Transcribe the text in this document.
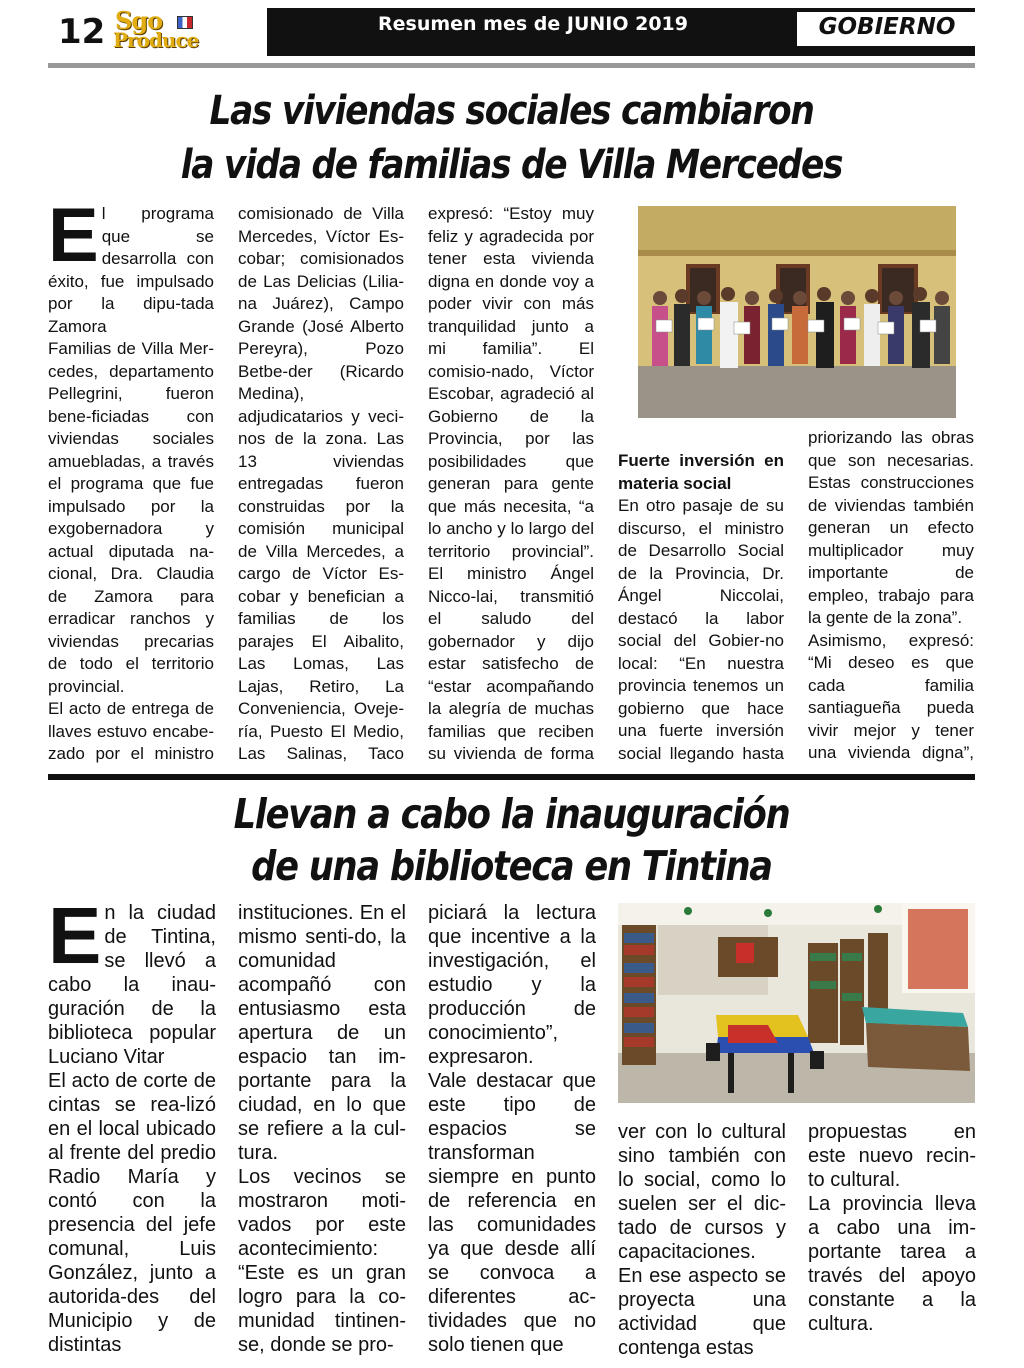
12 Sgo
Produce
Resumen mes de JUNIO 2019	GOBIERNO
Las viviendas sociales cambiaron
la vida de familias de Villa Mercedes
E l programa que se desarrolla con éxito, fue impulsado por la dipu-tada Zamora
Familias de Villa Mer-cedes, departamento Pellegrini, fueron bene-ficiadas con viviendas sociales amuebladas, a través el programa que fue impulsado por la exgobernadora y actual diputada na-cional, Dra. Claudia de Zamora para erradicar ranchos y viviendas precarias de todo el territorio provincial.
El acto de entrega de llaves estuvo encabe-zado por el ministro
comisionado de Villa Mercedes, Víctor Es-cobar; comisionados de Las Delicias (Lilia-na Juárez), Campo Grande (José Alberto Pereyra), Pozo Betbe-der (Ricardo Medina), adjudicatarios y veci-nos de la zona. Las 13 viviendas entregadas fueron construidas por la comisión municipal de Villa Mercedes, a cargo de Víctor Es-cobar y benefician a familias de los parajes El Aibalito, Las Lomas, Las Lajas, Retiro, La Conveniencia, Oveje-ría, Puesto El Medio, Las Salinas, Taco
expresó: “Estoy muy feliz y agradecida por tener esta vivienda digna en donde voy a poder vivir con más tranquilidad junto a mi familia”. El comisio-nado, Víctor Escobar, agradeció al Gobierno de la Provincia, por las posibilidades que generan para gente que más necesita, “a lo ancho y lo largo del territorio provincial”. El ministro Ángel Nicco-lai, transmitió el saludo del gobernador y dijo estar satisfecho de “estar acompañando la alegría de muchas familias que reciben su vivienda de forma
Fuerte inversión en materia social
En otro pasaje de su discurso, el ministro de Desarrollo Social de la Provincia, Dr. Ángel Niccolai, destacó la labor social del Gobier-no local: “En nuestra provincia tenemos un gobierno que hace una fuerte inversión social llegando hasta
priorizando las obras que son necesarias. Estas construcciones de viviendas también generan un efecto multiplicador muy importante de empleo, trabajo para la gente de la zona”.
Asimismo, expresó: “Mi deseo es que cada familia santiagueña pueda vivir mejor y tener una vivienda digna”,
Llevan a cabo la inauguración
de una biblioteca en Tintina
E n la ciudad de Tintina, se llevó a cabo la inau-guración de la biblioteca popular Luciano Vitar
El acto de corte de cintas se rea-lizó en el local ubicado al frente del predio Radio María y contó con la presencia del jefe comunal, Luis González, junto a autorida-des del Municipio y de distintas
instituciones. En el mismo senti-do, la comunidad acompañó con entusiasmo esta apertura de un espacio tan im-portante para la ciudad, en lo que se refiere a la cul-tura.
Los vecinos se mostraron moti-vados por este acontecimiento: “Este es un gran logro para la co-munidad tintinen-se, donde se pro-
piciará la lectura que incentive a la investigación, el estudio y la producción de conocimiento”, expresaron.
Vale destacar que este tipo de espacios se transforman siempre en punto de referencia en las comunidades ya que desde allí se convoca a diferentes ac-tividades que no solo tienen que
ver con lo cultural sino también con lo social, como lo suelen ser el dic-tado de cursos y capacitaciones.
En ese aspecto se proyecta una actividad que contenga estas
propuestas en este nuevo recin-to cultural.
La provincia lleva a cabo una im-portante tarea a través del apoyo constante a la cultura.
